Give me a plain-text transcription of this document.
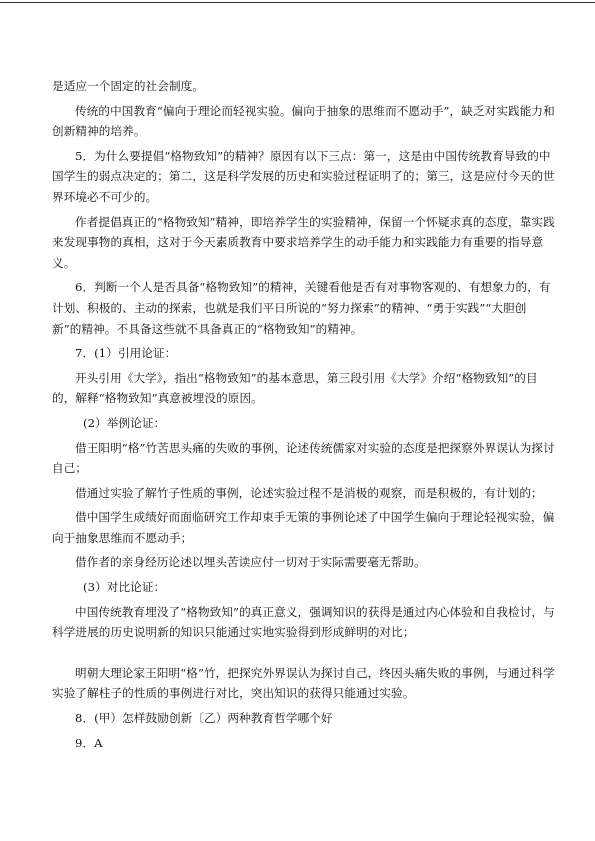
是适应一个固定的社会制度。

传统的中国教育“偏向于理论而轻视实验。偏向于抽象的思维而不愿动手”，缺乏对实践能力和创新精神的培养。

5．为什么要提倡“格物致知”的精神？原因有以下三点：第一，这是由中国传统教育导致的中国学生的弱点决定的；第二，这是科学发展的历史和实验过程证明了的；第三，这是应付今天的世界环境必不可少的。

作者提倡真正的“格物致知”精神，即培养学生的实验精神，保留一个怀疑求真的态度，靠实践来发现事物的真相，这对于今天素质教育中要求培养学生的动手能力和实践能力有重要的指导意义。

6．判断一个人是否具备“格物致知”的精神，关键看他是否有对事物客观的、有想象力的，有计划、积极的、主动的探索，也就是我们平日所说的“努力探索”的精神、“勇于实践”“大胆创新”的精神。不具备这些就不具备真正的“格物致知”的精神。

7．(1）引用论证：

开头引用《大学》，指出“格物致知”的基本意思，第三段引用《大学》介绍“格物致知”的目的，解释“格物致知”真意被埋没的原因。

(2）举例论证：

借王阳明“格”竹苦思头痛的失败的事例，论述传统儒家对实验的态度是把探察外界误认为探讨自己；

借通过实验了解竹子性质的事例，论述实验过程不是消极的观察，而是积极的，有计划的；

借中国学生成绩好而面临研究工作却束手无策的事例论述了中国学生偏向于理论轻视实验，偏向于抽象思维而不愿动手；

借作者的亲身经历论述以埋头苦读应付一切对于实际需要毫无帮助。

(3）对比论证：

中国传统教育埋没了“格物致知”的真正意义，强调知识的获得是通过内心体验和自我检讨，与科学进展的历史说明新的知识只能通过实地实验得到形成鲜明的对比；

明朝大理论家王阳明“格”竹，把探究外界误认为探讨自己，终因头痛失败的事例，与通过科学实验了解柱子的性质的事例进行对比，突出知识的获得只能通过实验。

8．(甲）怎样鼓励创新〔乙）两种教育哲学哪个好

9．A
